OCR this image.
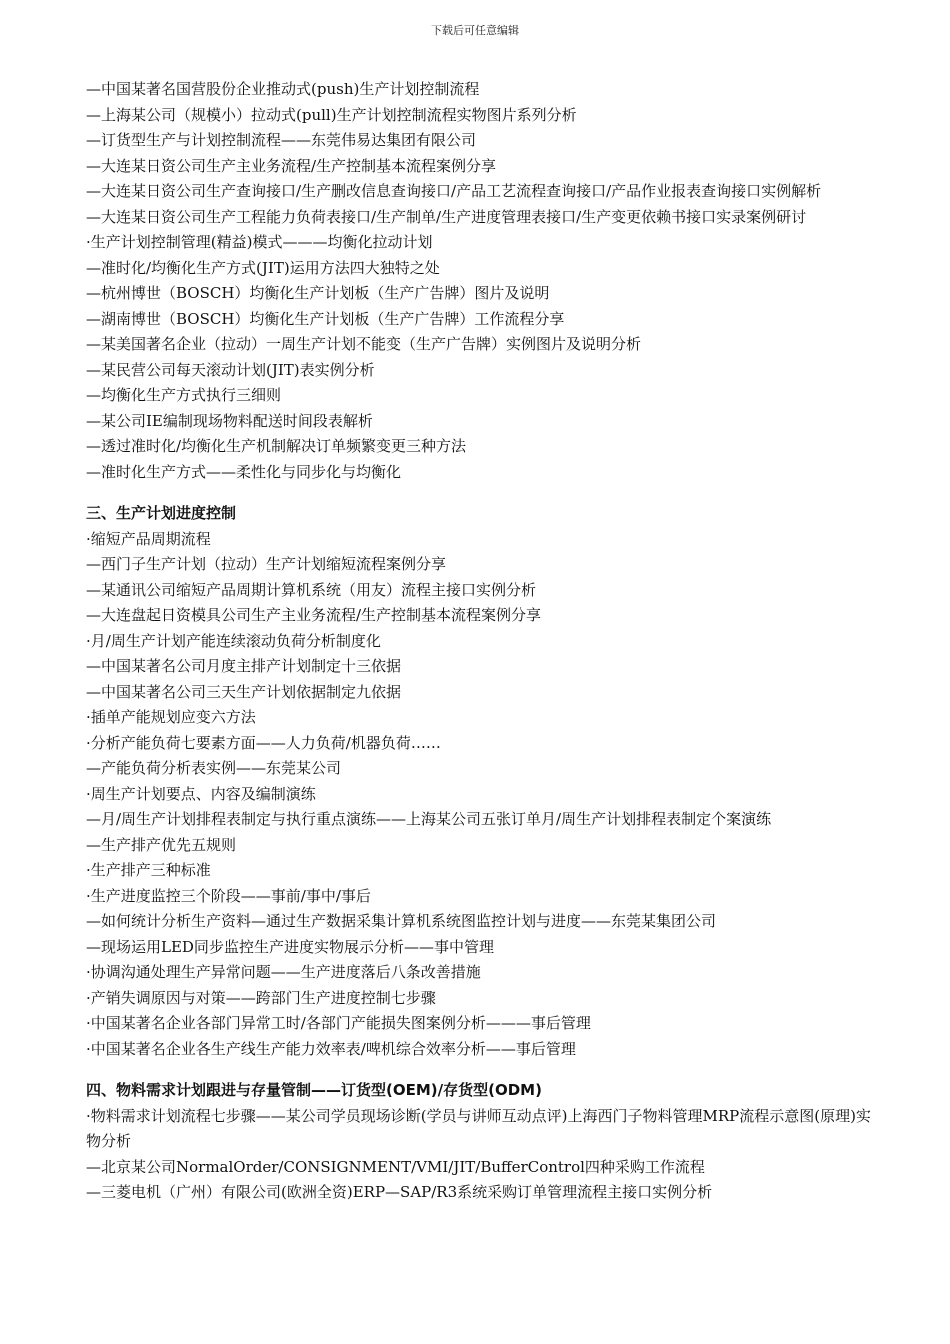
下载后可任意编辑

—中国某著名国营股份企业推动式(push)生产计划控制流程

—上海某公司（规模小）拉动式(pull)生产计划控制流程实物图片系列分析

—订货型生产与计划控制流程——东莞伟易达集团有限公司

—大连某日资公司生产主业务流程/生产控制基本流程案例分享

—大连某日资公司生产查询接口/生产删改信息查询接口/产品工艺流程查询接口/产品作业报表查询接口实例解析

—大连某日资公司生产工程能力负荷表接口/生产制单/生产进度管理表接口/生产变更依赖书接口实录案例研讨

·生产计划控制管理(精益)模式———均衡化拉动计划

—准时化/均衡化生产方式(JIT)运用方法四大独特之处

—杭州博世（BOSCH）均衡化生产计划板（生产广告牌）图片及说明

—湖南博世（BOSCH）均衡化生产计划板（生产广告牌）工作流程分享

—某美国著名企业（拉动）一周生产计划不能变（生产广告牌）实例图片及说明分析

—某民营公司每天滚动计划(JIT)表实例分析

—均衡化生产方式执行三细则

—某公司IE编制现场物料配送时间段表解析

—透过准时化/均衡化生产机制解决订单频繁变更三种方法

—准时化生产方式——柔性化与同步化与均衡化

三、生产计划进度控制

·缩短产品周期流程

—西门子生产计划（拉动）生产计划缩短流程案例分享

—某通讯公司缩短产品周期计算机系统（用友）流程主接口实例分析

—大连盘起日资模具公司生产主业务流程/生产控制基本流程案例分享

·月/周生产计划产能连续滚动负荷分析制度化

—中国某著名公司月度主排产计划制定十三依据

—中国某著名公司三天生产计划依据制定九依据

·插单产能规划应变六方法

·分析产能负荷七要素方面——人力负荷/机器负荷……

—产能负荷分析表实例——东莞某公司

·周生产计划要点、内容及编制演练

—月/周生产计划排程表制定与执行重点演练——上海某公司五张订单月/周生产计划排程表制定个案演练

—生产排产优先五规则

·生产排产三种标准

·生产进度监控三个阶段——事前/事中/事后

—如何统计分析生产资料—通过生产数据采集计算机系统图监控计划与进度——东莞某集团公司

—现场运用LED同步监控生产进度实物展示分析——事中管理

·协调沟通处理生产异常问题——生产进度落后八条改善措施

·产销失调原因与对策——跨部门生产进度控制七步骤

·中国某著名企业各部门异常工时/各部门产能损失图案例分析———事后管理

·中国某著名企业各生产线生产能力效率表/啤机综合效率分析——事后管理

四、物料需求计划跟进与存量管制——订货型(OEM)/存货型(ODM)

·物料需求计划流程七步骤——某公司学员现场诊断(学员与讲师互动点评)上海西门子物料管理MRP流程示意图(原理)实物分析

—北京某公司NormalOrder/CONSIGNMENT/VMI/JIT/BufferControl四种采购工作流程

—三菱电机（广州）有限公司(欧洲全资)ERP—SAP/R3系统采购订单管理流程主接口实例分析
